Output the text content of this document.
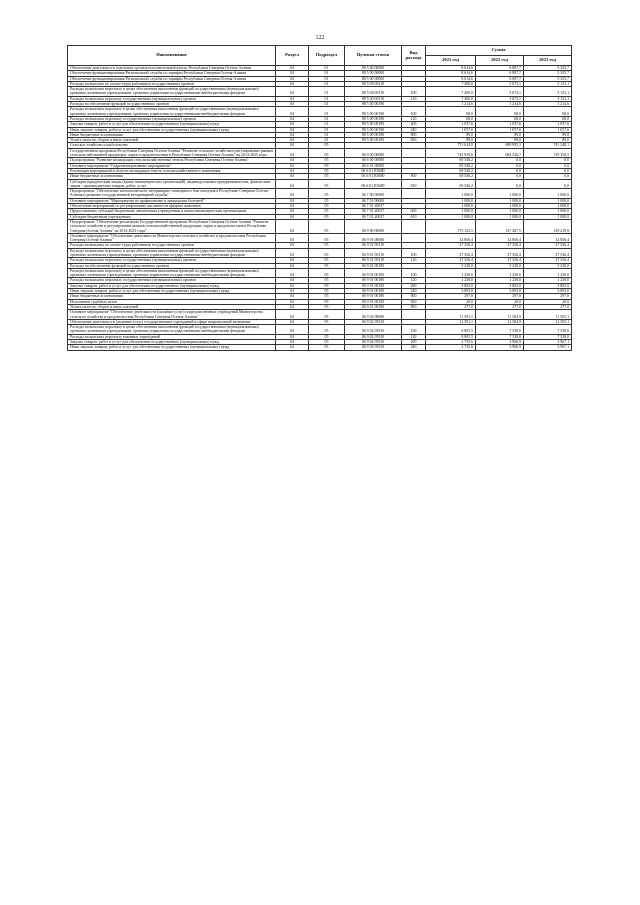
122
Наименование	Раздел	Подраздел	Целевая статья	Вид расхода	Сумма		
					2021 год	2022 год	2023 год
Обеспечение деятельности отдельных органов исполнительной власти Республики Северная Осетия-Алания	04	01	88 5 00 00000		8 614,6	6 887,7	5 355,7
Обеспечение функционирования Региональной службы по тарифам Республики Северная Осетия-Алания	04	01	88 5 00 00000		8 614,6	6 887,7	5 355,7
Обеспечение функционирования Региональной службы по тарифам Республики Северная Осетия-Алания	04	01	88 5 00 00000		8 614,6	6 887,7	5 355,7
Расходы на выплаты по оплате труда работников государственных органов	04	01	88 5 00 00110		7 400,0	5 673,1	5 141,1
Расходы на выплаты персоналу в целях обеспечения выполнения функций государственными (муниципальными) органами, казенными учреждениями, органами управления государственными внебюджетными фондами	04	01	88 5 00 00110	100	7 400,0	5 673,1	5 141,1
Расходы на выплаты персоналу государственных (муниципальных) органов	04	01	88 5 00 00110	120	7 400,0	5 673,1	5 141,1
Расходы на обеспечение функций государственных органов	04	01	88 5 00 00190		1 214,6	1 214,6	1 214,6
Расходы на выплаты персоналу в целях обеспечения выполнения функций государственными (муниципальными) органами, казенными учреждениями, органами управления государственными внебюджетными фондами	04	01	88 5 00 00190	100	68,0	68,0	68,0
Расходы на выплаты персоналу государственных (муниципальных) органов	04	01	88 5 00 00190	120	68,0	68,0	68,0
Закупка товаров, работ и услуг для обеспечения государственных (муниципальных) нужд	04	01	88 5 00 00190	200	1 057,6	1 057,6	1 057,6
Иные закупки товаров, работ и услуг для обеспечения государственных (муниципальных) нужд	04	01	88 5 00 00190	240	1 057,6	1 057,6	1 057,6
Иные бюджетные ассигнования	04	01	88 5 00 00190	800	89,0	89,0	89,0
Уплата налогов, сборов и иных платежей	04	01	88 5 00 00190	850	89,0	89,0	89,0
Сельское хозяйство и рыболовство	04	05			751 614,8	689 995,3	741 248,1
Государственная программа Республики Северная Осетия-Алания "Развитие сельского хозяйства и регулирование рынков сельскохозяйственной продукции, сырья и продовольствия в Республике Северная Осетия-Алания" на 2014-2025 годы	04	05	06 0 00 00000		745 939,6	684 526,7	729 350,5
Подпрограмма "Развитие мелиорации сельскохозяйственных земель Республики Северная Осетия-Алания"	04	05	06 6 00 00000		69 546,2	0,0	0,0
Основное мероприятие "Гидромелиоративные мероприятия"	04	05	06 6 01 00000		69 546,2	0,0	0,0
Реализация мероприятий в области мелиорации земель сельскохозяйственного назначения	04	05	06 6 01 R5680		69 546,2	0,0	0,0
Иные бюджетные ассигнования	04	05	06 6 01 R5680	800	69 546,2	0,0	0,0
Субсидии юридическим лицам (кроме некоммерческих организаций), индивидуальным предпринимателям, физическим лицам - производителям товаров, работ, услуг	04	05	06 6 01 R5680	810	69 546,2	0,0	0,0
Подпрограмма "Обеспечение эпизоотического, ветеринарно-санитарного благополучия в Республике Северная Осетия-Алания и развитие государственной ветеринарной службы"	04	05	06 7 00 00000		1 000,0	1 000,0	1 000,0
Основное мероприятие "Мероприятия по профилактике и ликвидации болезней"	04	05	06 7 01 00000		1 000,0	1 000,0	1 000,0
Обеспечение мероприятий по регулированию численности вредных животных	04	05	06 7 01 20037		1 000,0	1 000,0	1 000,0
Предоставление субсидий бюджетным, автономным учреждениям и иным некоммерческим организациям	04	05	06 7 01 20037	600	1 000,0	1 000,0	1 000,0
Субсидии бюджетным учреждениям	04	05	06 7 01 20037	610	1 000,0	1 000,0	1 000,0
Подпрограмма "Обеспечение реализации Государственной программы Республики Северная Осетия-Алания "Развитие сельского хозяйства и регулирование рынков сельскохозяйственной продукции, сырья и продовольствия в Республике Северная Осетия-Алания" на 2014-2025 годы"	04	05	06 9 00 00000		175 123,5	147 267,5	139 219,9
Основное мероприятие "Обеспечение деятельности Министерства сельского хозяйства и продовольствия Республики Северная Осетия-Алания"	04	05	06 9 01 00000		32 856,4	32 856,4	32 856,4
Расходы на выплаты по оплате труда работников государственных органов	04	05	06 9 01 00110		27 526,4	27 526,4	27 526,4
Расходы на выплаты персоналу в целях обеспечения выполнения функций государственными (муниципальными) органами, казенными учреждениями, органами управления государственными внебюджетными фондами	04	05	06 9 01 00110	100	27 526,4	27 526,4	27 526,4
Расходы на выплаты персоналу государственных (муниципальных) органов	04	05	06 9 01 00110	120	27 526,4	27 526,4	27 526,4
Расходы на обеспечение функций государственных органов	04	05	06 9 01 00190		5 330,0	5 330,0	5 330,0
Расходы на выплаты персоналу в целях обеспечения выполнения функций государственными (муниципальными) органами, казенными учреждениями, органами управления государственными внебюджетными фондами	04	05	06 9 01 00190	100	1 230,0	1 230,0	1 230,0
Расходы на выплаты персоналу государственных (муниципальных) органов	04	05	06 9 01 00190	120	1 230,0	1 230,0	1 230,0
Закупка товаров, работ и услуг для обеспечения государственных (муниципальных) нужд	04	05	06 9 01 00190	200	3 803,0	3 803,0	3 803,0
Иные закупки товаров, работ и услуг для обеспечения государственных (муниципальных) нужд	04	05	06 9 01 00190	240	3 803,0	3 803,0	3 803,0
Иные бюджетные ассигнования	04	05	06 9 01 00190	800	297,0	297,0	297,0
Исполнение судебных актов	04	05	06 9 01 00190	830	20,0	20,0	20,0
Уплата налогов, сборов и иных платежей	04	05	06 9 01 00190	850	277,0	277,0	277,0
Основное мероприятие "Обеспечение деятельности (оказание услуг) подведомственных учреждений Министерства сельского хозяйства и продовольствия Республики Северная Осетия-Алания"	04	05	06 9 02 00000		11 591,1	11 504,9	11 505,1
Обеспечение деятельности (оказание услуг) государственных учреждений в сфере национальной экономики	04	05	06 9 02 05910		11 591,1	11 504,9	11 505,1
Расходы на выплаты персоналу в целях обеспечения выполнения функций государственными (муниципальными) органами, казенными учреждениями, органами управления государственными внебюджетными фондами	04	05	06 9 02 05910	100	8 805,5	7 538,0	7 538,0
Расходы на выплаты персоналу казенных учреждений	04	05	06 9 02 05910	110	8 805,5	7 538,0	7 538,0
Закупка товаров, работ и услуг для обеспечения государственных (муниципальных) нужд	04	05	06 9 02 05910	200	2 735,6	3 966,9	3 967,1
Иные закупки товаров, работ и услуг для обеспечения государственных (муниципальных) нужд	04	05	06 9 02 05910	240	2 735,6	3 966,9	3 967,1
